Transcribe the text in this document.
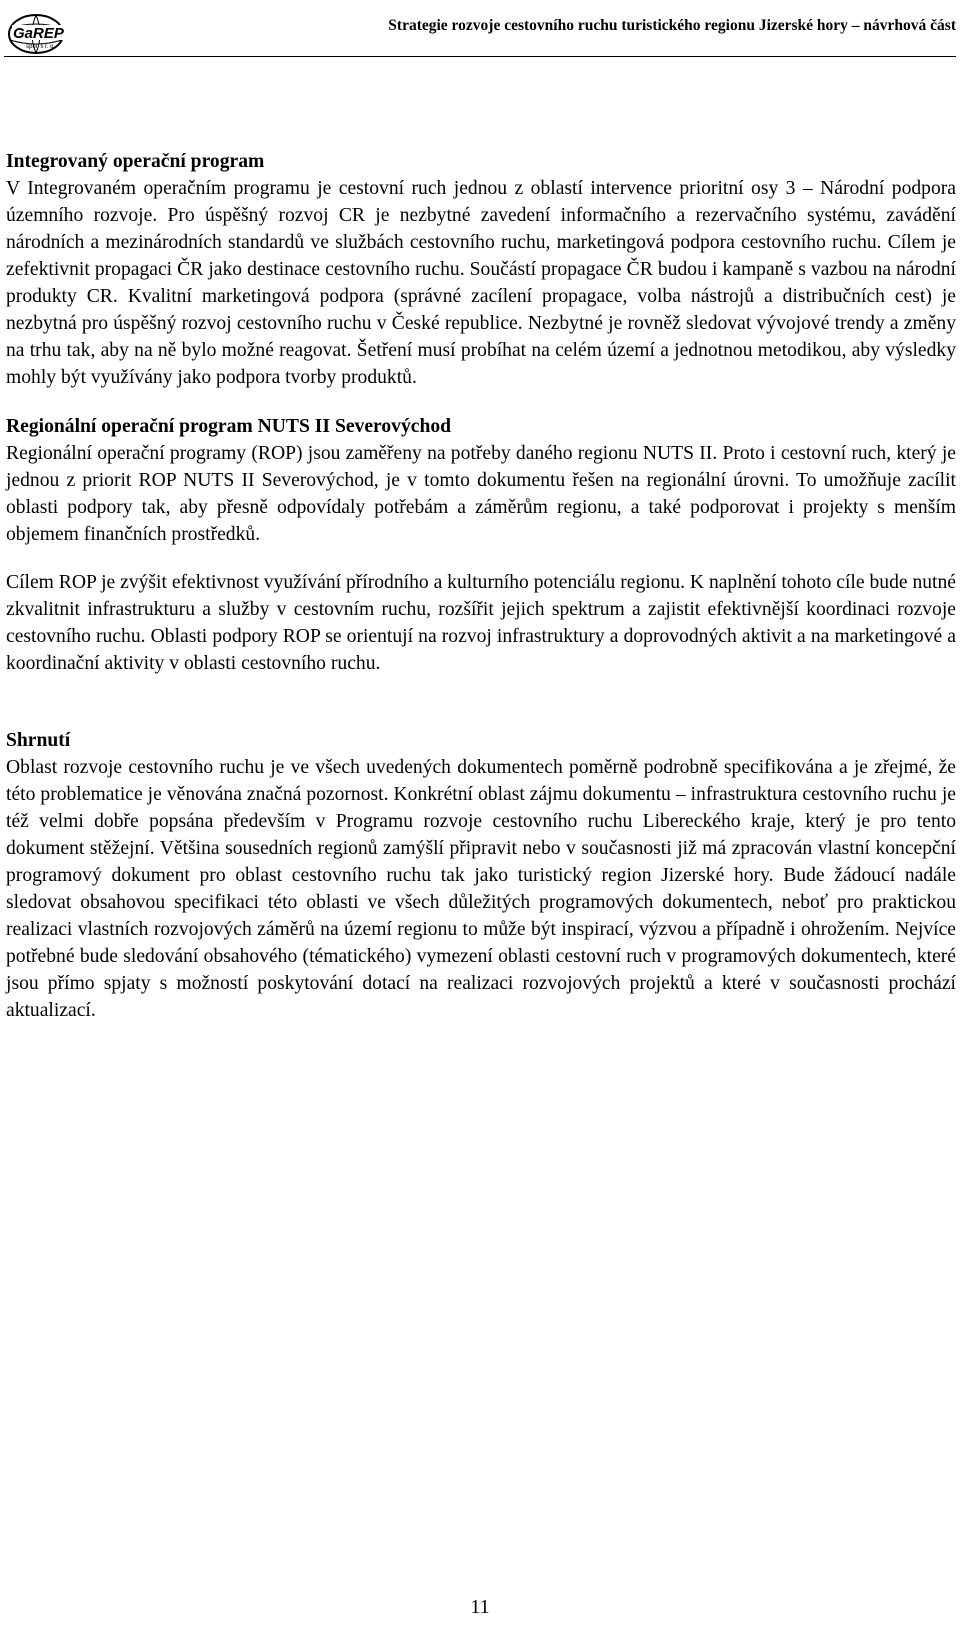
GaREP
spol. s r. o.
Strategie rozvoje cestovního ruchu turistického regionu Jizerské hory – návrhová část
Integrovaný operační program

V Integrovaném operačním programu je cestovní ruch jednou z oblastí intervence prioritní osy 3 – Národní podpora územního rozvoje. Pro úspěšný rozvoj CR je nezbytné zavedení informačního a rezervačního systému, zavádění národních a mezinárodních standardů ve službách cestovního ruchu, marketingová podpora cestovního ruchu. Cílem je zefektivnit propagaci ČR jako destinace cestovního ruchu. Součástí propagace ČR budou i kampaně s vazbou na národní produkty CR. Kvalitní marketingová podpora (správné zacílení propagace, volba nástrojů a distribučních cest) je nezbytná pro úspěšný rozvoj cestovního ruchu v České republice. Nezbytné je rovněž sledovat vývojové trendy a změny na trhu tak, aby na ně bylo možné reagovat. Šetření musí probíhat na celém území a jednotnou metodikou, aby výsledky mohly být využívány jako podpora tvorby produktů.

Regionální operační program NUTS II Severovýchod

Regionální operační programy (ROP) jsou zaměřeny na potřeby daného regionu NUTS II. Proto i cestovní ruch, který je jednou z priorit ROP NUTS II Severovýchod, je v tomto dokumentu řešen na regionální úrovni. To umožňuje zacílit oblasti podpory tak, aby přesně odpovídaly potřebám a záměrům regionu, a také podporovat i projekty s menším objemem finančních prostředků.

Cílem ROP je zvýšit efektivnost využívání přírodního a kulturního potenciálu regionu. K naplnění tohoto cíle bude nutné zkvalitnit infrastrukturu a služby v cestovním ruchu, rozšířit jejich spektrum a zajistit efektivnější koordinaci rozvoje cestovního ruchu. Oblasti podpory ROP se orientují na rozvoj infrastruktury a doprovodných aktivit a na marketingové a koordinační aktivity v oblasti cestovního ruchu.

Shrnutí

Oblast rozvoje cestovního ruchu je ve všech uvedených dokumentech poměrně podrobně specifikována a je zřejmé, že této problematice je věnována značná pozornost. Konkrétní oblast zájmu dokumentu – infrastruktura cestovního ruchu je též velmi dobře popsána především v Programu rozvoje cestovního ruchu Libereckého kraje, který je pro tento dokument stěžejní. Většina sousedních regionů zamýšlí připravit nebo v současnosti již má zpracován vlastní koncepční programový dokument pro oblast cestovního ruchu tak jako turistický region Jizerské hory. Bude žádoucí nadále sledovat obsahovou specifikaci této oblasti ve všech důležitých programových dokumentech, neboť pro praktickou realizaci vlastních rozvojových záměrů na území regionu to může být inspirací, výzvou a případně i ohrožením. Nejvíce potřebné bude sledování obsahového (tématického) vymezení oblasti cestovní ruch v programových dokumentech, které jsou přímo spjaty s možností poskytování dotací na realizaci rozvojových projektů a které v současnosti prochází aktualizací.

11
